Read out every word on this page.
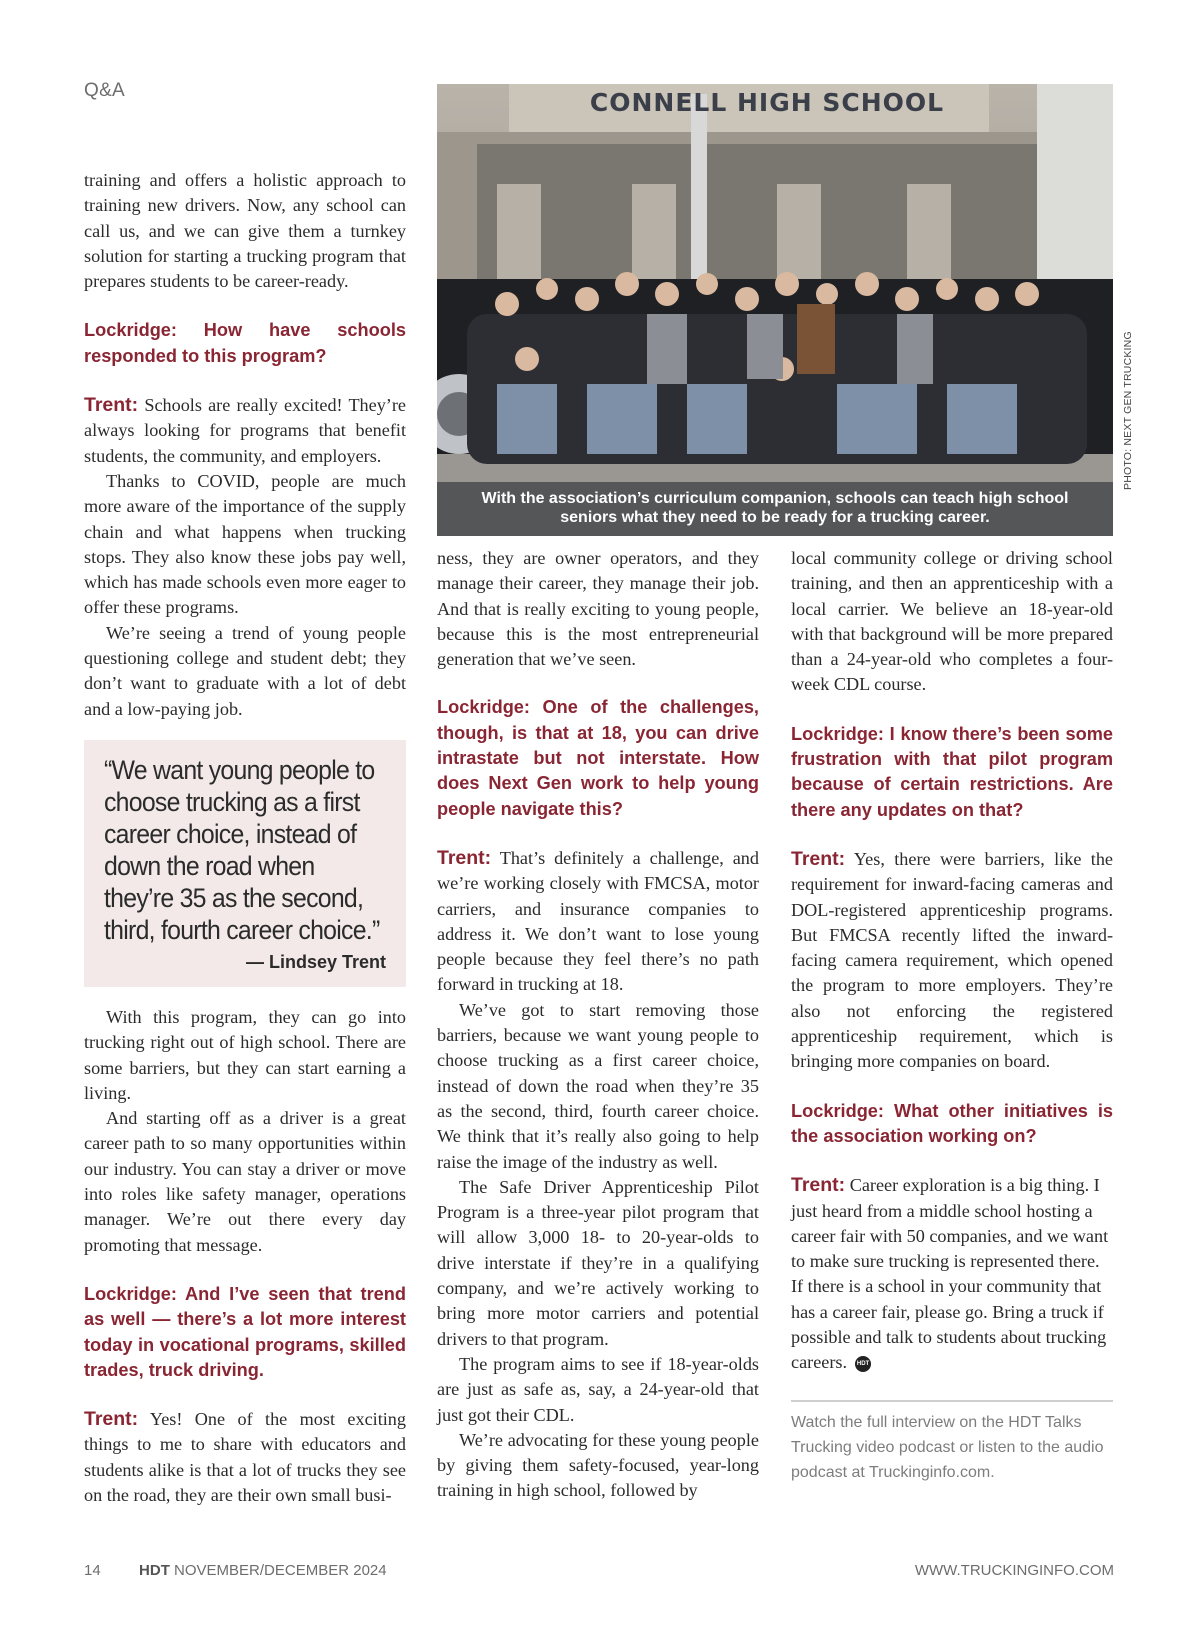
Q&A	CONNELL HIGH SCHOOL
With the association’s curriculum companion, schools can teach high school seniors what they need to be ready for a trucking career.
PHOTO: NEXT GEN TRUCKING

training and offers a holistic approach to training new drivers. Now, any school can call us, and we can give them a turnkey solution for starting a trucking program that prepares students to be career-ready.

Lockridge: How have schools responded to this program?

Trent: Schools are really excited! They’re always looking for programs that benefit students, the community, and employers.

Thanks to COVID, people are much more aware of the importance of the supply chain and what happens when trucking stops. They also know these jobs pay well, which has made schools even more eager to offer these programs.

We’re seeing a trend of young people questioning college and student debt; they don’t want to graduate with a lot of debt and a low-paying job.

“We want young people to choose trucking as a first career choice, instead of down the road when they’re 35 as the second, third, fourth career choice.”
— Lindsey Trent

With this program, they can go into trucking right out of high school. There are some barriers, but they can start earning a living.

And starting off as a driver is a great career path to so many opportunities within our industry. You can stay a driver or move into roles like safety manager, operations manager. We’re out there every day promoting that message.

Lockridge: And I’ve seen that trend as well — there’s a lot more interest today in vocational programs, skilled trades, truck driving.

Trent: Yes! One of the most exciting things to me to share with educators and students alike is that a lot of trucks they see on the road, they are their own small busi-

ness, they are owner operators, and they manage their career, they manage their job. And that is really exciting to young people, because this is the most entrepreneurial generation that we’ve seen.

Lockridge: One of the challenges, though, is that at 18, you can drive intrastate but not interstate. How does Next Gen work to help young people navigate this?

Trent: That’s definitely a challenge, and we’re working closely with FMCSA, motor carriers, and insurance companies to address it. We don’t want to lose young people because they feel there’s no path forward in trucking at 18.

We’ve got to start removing those barriers, because we want young people to choose trucking as a first career choice, instead of down the road when they’re 35 as the second, third, fourth career choice. We think that it’s really also going to help raise the image of the industry as well.

The Safe Driver Apprenticeship Pilot Program is a three-year pilot program that will allow 3,000 18- to 20-year-olds to drive interstate if they’re in a qualifying company, and we’re actively working to bring more motor carriers and potential drivers to that program.

The program aims to see if 18-year-olds are just as safe as, say, a 24-year-old that just got their CDL.

We’re advocating for these young people by giving them safety-focused, year-long training in high school, followed by

local community college or driving school training, and then an apprenticeship with a local carrier. We believe an 18-year-old with that background will be more prepared than a 24-year-old who completes a four-week CDL course.

Lockridge: I know there’s been some frustration with that pilot program because of certain restrictions. Are there any updates on that?

Trent: Yes, there were barriers, like the requirement for inward-facing cameras and DOL-registered apprenticeship programs. But FMCSA recently lifted the inward-facing camera requirement, which opened the program to more employers. They’re also not enforcing the registered apprenticeship requirement, which is bringing more companies on board.

Lockridge: What other initiatives is the association working on?

Trent: Career exploration is a big thing. I just heard from a middle school hosting a career fair with 50 companies, and we want to make sure trucking is represented there. If there is a school in your community that has a career fair, please go. Bring a truck if possible and talk to students about trucking careers. HDT

Watch the full interview on the HDT Talks Trucking video podcast or listen to the audio podcast at Truckinginfo.com.
14	HDT NOVEMBER/DECEMBER 2024	WWW.TRUCKINGINFO.COM
